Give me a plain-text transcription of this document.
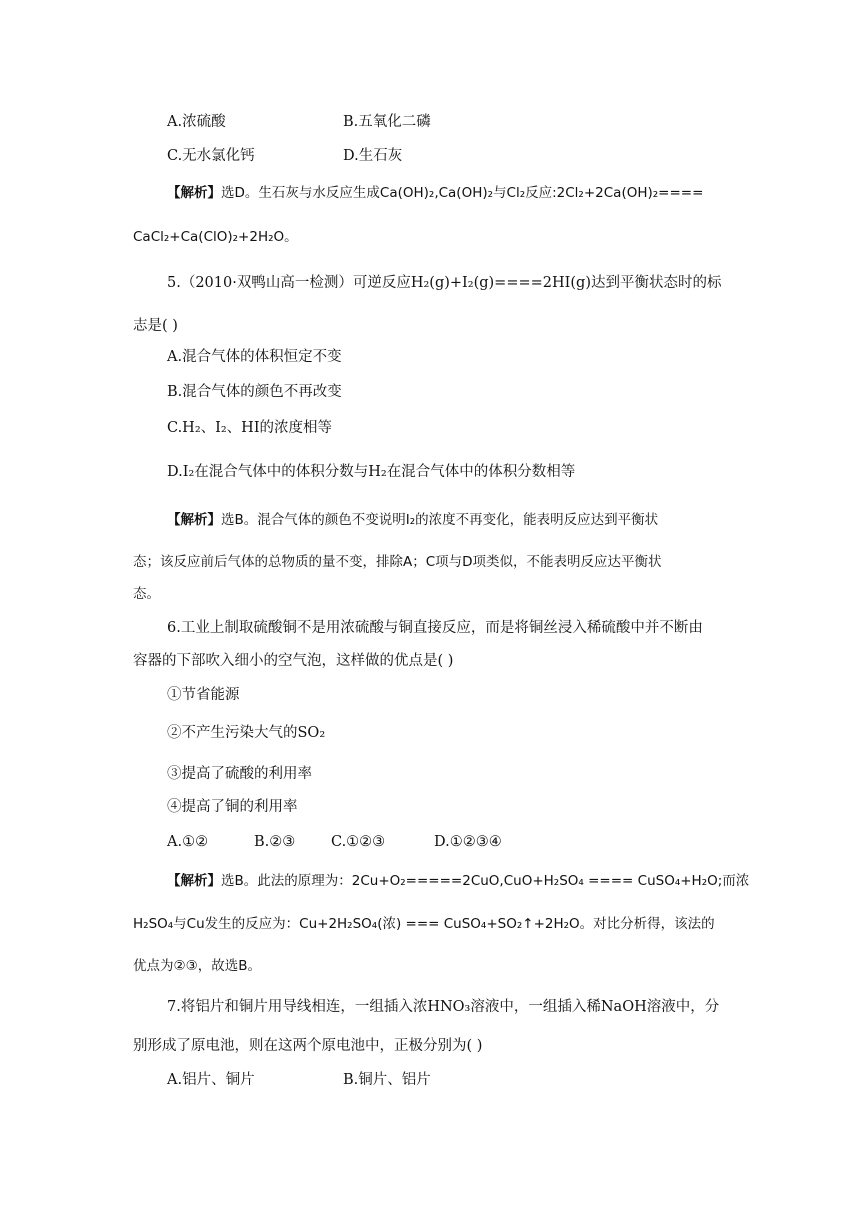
A.浓硫酸	B.五氧化二磷
C.无水氯化钙	D.生石灰
【解析】选D。生石灰与水反应生成Ca(OH)₂,Ca(OH)₂与Cl₂反应:2Cl₂+2Ca(OH)₂====
CaCl₂+Ca(ClO)₂+2H₂O。
5.（2010·双鸭山高一检测）可逆反应H₂(g)+I₂(g)====2HI(g)达到平衡状态时的标
志是( )
A.混合气体的体积恒定不变
B.混合气体的颜色不再改变
C.H₂、I₂、HI的浓度相等
D.I₂在混合气体中的体积分数与H₂在混合气体中的体积分数相等
【解析】选B。混合气体的颜色不变说明I₂的浓度不再变化，能表明反应达到平衡状
态；该反应前后气体的总物质的量不变，排除A；C项与D项类似，不能表明反应达平衡状
态。
6.工业上制取硫酸铜不是用浓硫酸与铜直接反应，而是将铜丝浸入稀硫酸中并不断由
容器的下部吹入细小的空气泡，这样做的优点是( )
①节省能源
②不产生污染大气的SO₂
③提高了硫酸的利用率
④提高了铜的利用率
A.①②	B.②③ C.①②③	D.①②③④
【解析】选B。此法的原理为：2Cu+O₂=====2CuO,CuO+H₂SO₄ ==== CuSO₄+H₂O;而浓
H₂SO₄与Cu发生的反应为：Cu+2H₂SO₄(浓) === CuSO₄+SO₂↑+2H₂O。对比分析得，该法的
优点为②③，故选B。
7.将铝片和铜片用导线相连，一组插入浓HNO₃溶液中，一组插入稀NaOH溶液中，分
别形成了原电池，则在这两个原电池中，正极分别为( )
A.铝片、铜片	B.铜片、铝片
